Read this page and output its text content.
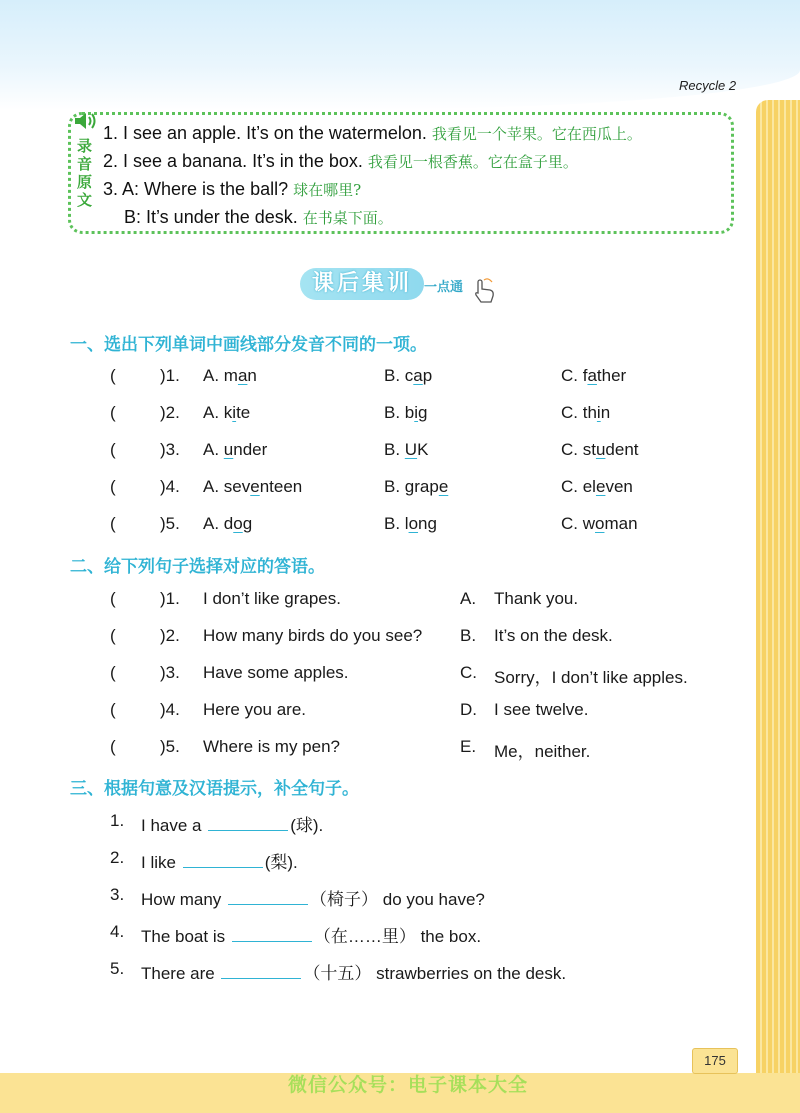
Recycle 2
录
音
原
文
1. I see an apple. It’s on the watermelon. 我看见一个苹果。它在西瓜上。
2. I see a banana. It’s in the box. 我看见一根香蕉。它在盒子里。
3. A: Where is the ball? 球在哪里?
B: It’s under the desk. 在书桌下面。
课后集训 一点通
一、选出下列单词中画线部分发音不同的一项。
(	)1. A. man	B. cap	C. father
(	)2. A. kite	B. big	C. thin
(	)3. A. under	B. UK	C. student
(	)4. A. seventeen	B. grape	C. eleven
(	)5. A. dog	B. long	C. woman
二、给下列句子选择对应的答语。
(	)1. I don’t like grapes.	A. Thank you.
(	)2. How many birds do you see? B. It’s on the desk.
(	)3. Have some apples.	C. Sorry，I don’t like apples.
(	)4. Here you are.	D. I see twelve.
(	)5. Where is my pen?	E. Me，neither.
三、根据句意及汉语提示，补全句子。
1. I have a	(球).
2. I like	(梨).
3. How many	（椅子） do you have?
4. The boat is	（在……里） the box.
5. There are	（十五） strawberries on the desk.
175
微信公众号：电子课本大全
